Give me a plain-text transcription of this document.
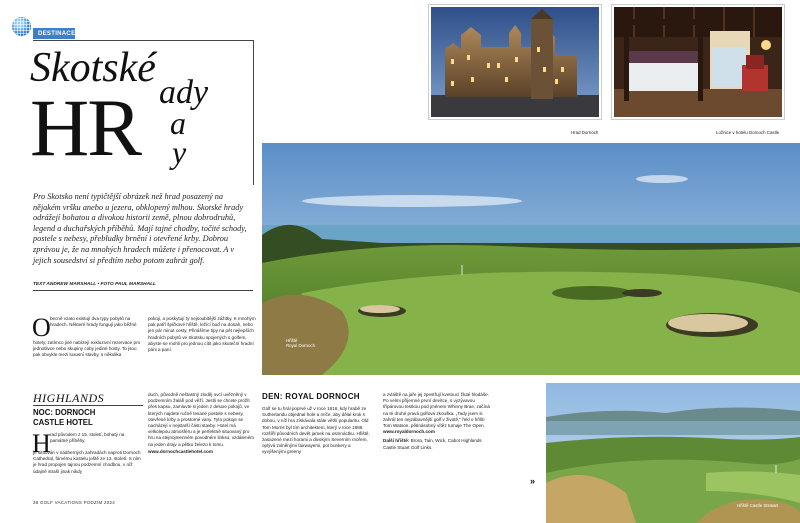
DESTINACE
Skotské
HR ady
a
y
Pro Skotsko není typičtější obrázek než hrad posazený na nějakém vršku anebo u jezera, obklopený mlhou. Skotské hrady odrážejí bohatou a divokou historii země, plnou dobrodruhů, legend a duchařských příběhů. Mají tajné chodby, točité schody, postele s nebesy, přebludky brnění i otevřené krby. Dobrou zprávou je, že na mnohých hradech můžete i přenocovat. A v jejich sousedství si předtím nebo potom zahrát golf.
TEXT ANDREW MARSHALL • FOTO PAUL MARSHALL
O becně vzato existují dva typy pobytů na hradech. Některé hrady fungují jako běžné
hotely, zatímco jiné nabízejí exkluzivní rezervace pro jednotlivce nebo skupiny coby jediné hosty. To jsou pak obvykle mezi luxusní stavby, s několika
pokoji, a poskytují ty nejsoubitější zážitky. K mnohým pak patří špičkové hřiště, ležící buď na dosah, nebo jen pár minut cesty. Přinášíme tipy na pět nejlepších hradních pobytů ve Skotsku spojených s golfem, abyste se mohli pro jednou cítit jako skuteční hradní páni a paní.
HIGHLANDS
NOC: DORNOCH
CASTLE HOTEL
H rad původem z 15. století, bohatý na památné příběhy,
je situován v nádherných zahradách naproti Dornoch Cathedral, fámému kostelu ještě ze 13. století. S ním je hrad propojen tajnou podzemní chodbou, v níž údajně straší jinak nikdy
duch, původně neštastný zloděj ovcí uvězněný v podzemním žaláři pod věží. Jestli se chcete prožít přes kapsu, zamluvte si jeden z deluxe pokojů, ve kterých najdete ručně tesané postele s nebesy, otevřené krby a prostorné vany. Tyto pokoje se nacházejí v nejstarší části stavby. Hotel má velkolepou atmosféru a je perfektně situovaný pro hru na stejnojmenném povodném linksu, vzdáleném na jeden drajv a pětku železo k tomu.
www.dornochcastlehotel.com
38 GOLF VACATIONS PODZIM 2024
Hrad Dornoch	Ložnice v hotelu Dornoch Castle
Hřiště
Royal Dornoch
DEN: ROYAL DORNOCH
Golf se tu hrál poprvé už v roce 1616, kdy hrabě ze Sutherlandu objednal hole a míče, aby dělal krok s dobou, v níž hra získávala stále větší popularitu. Old Tom Morris byl tím architektem, který v roce 1886 rozšířil původních devět jamek na osmnáctku. Hřiště, zasazené mezi horami a divokým Severním mořem, oplývá zvlněnými fairwayemi, pot bunkery a vyvýšenými greeny
a zvláště na jaře jej zpestřují kvetoucí žluté hlodáše. Po velmi příjemné první devítce, s vyzývavou třípárovou testkou pod jménem Whinny Brae, začíná na té druhé pravá golfová zkouška. „Tady jsem si zahrál ten nejzábavnější golf v životě," řekl o hřišti Tom Watson, pětinásobný vítěz turnaje The Open.
www.royaldornoch.com
Další hřiště: Brora, Tain, Wick, Cabot Highlands Castle Stuart Golf Links.
»
Hřiště Castle Stewart
